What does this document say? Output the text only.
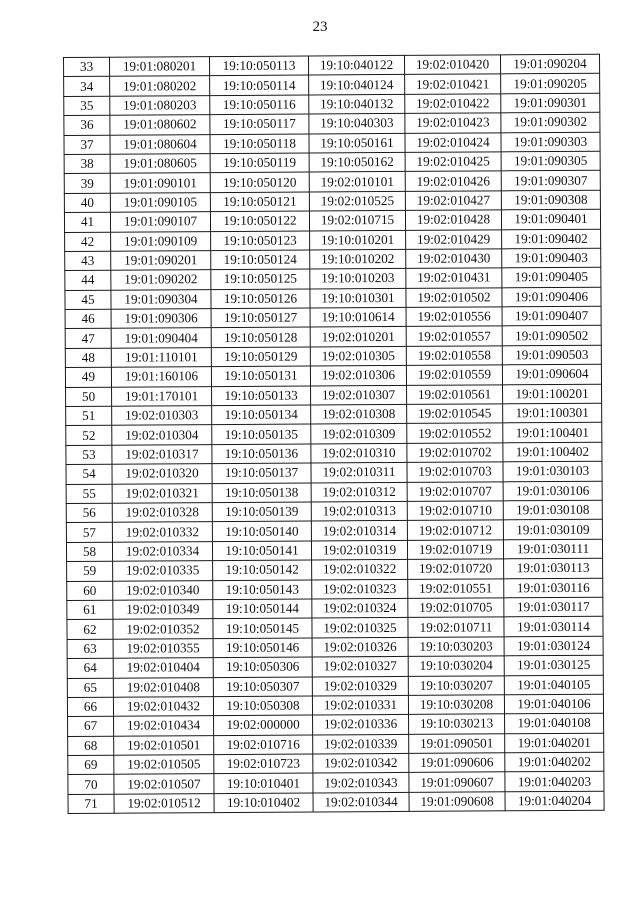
23
33	19:01:080201	19:10:050113	19:10:040122	19:02:010420	19:01:090204
34	19:01:080202	19:10:050114	19:10:040124	19:02:010421	19:01:090205
35	19:01:080203	19:10:050116	19:10:040132	19:02:010422	19:01:090301
36	19:01:080602	19:10:050117	19:10:040303	19:02:010423	19:01:090302
37	19:01:080604	19:10:050118	19:10:050161	19:02:010424	19:01:090303
38	19:01:080605	19:10:050119	19:10:050162	19:02:010425	19:01:090305
39	19:01:090101	19:10:050120	19:02:010101	19:02:010426	19:01:090307
40	19:01:090105	19:10:050121	19:02:010525	19:02:010427	19:01:090308
41	19:01:090107	19:10:050122	19:02:010715	19:02:010428	19:01:090401
42	19:01:090109	19:10:050123	19:10:010201	19:02:010429	19:01:090402
43	19:01:090201	19:10:050124	19:10:010202	19:02:010430	19:01:090403
44	19:01:090202	19:10:050125	19:10:010203	19:02:010431	19:01:090405
45	19:01:090304	19:10:050126	19:10:010301	19:02:010502	19:01:090406
46	19:01:090306	19:10:050127	19:10:010614	19:02:010556	19:01:090407
47	19:01:090404	19:10:050128	19:02:010201	19:02:010557	19:01:090502
48	19:01:110101	19:10:050129	19:02:010305	19:02:010558	19:01:090503
49	19:01:160106	19:10:050131	19:02:010306	19:02:010559	19:01:090604
50	19:01:170101	19:10:050133	19:02:010307	19:02:010561	19:01:100201
51	19:02:010303	19:10:050134	19:02:010308	19:02:010545	19:01:100301
52	19:02:010304	19:10:050135	19:02:010309	19:02:010552	19:01:100401
53	19:02:010317	19:10:050136	19:02:010310	19:02:010702	19:01:100402
54	19:02:010320	19:10:050137	19:02:010311	19:02:010703	19:01:030103
55	19:02:010321	19:10:050138	19:02:010312	19:02:010707	19:01:030106
56	19:02:010328	19:10:050139	19:02:010313	19:02:010710	19:01:030108
57	19:02:010332	19:10:050140	19:02:010314	19:02:010712	19:01:030109
58	19:02:010334	19:10:050141	19:02:010319	19:02:010719	19:01:030111
59	19:02:010335	19:10:050142	19:02:010322	19:02:010720	19:01:030113
60	19:02:010340	19:10:050143	19:02:010323	19:02:010551	19:01:030116
61	19:02:010349	19:10:050144	19:02:010324	19:02:010705	19:01:030117
62	19:02:010352	19:10:050145	19:02:010325	19:02:010711	19:01:030114
63	19:02:010355	19:10:050146	19:02:010326	19:10:030203	19:01:030124
64	19:02:010404	19:10:050306	19:02:010327	19:10:030204	19:01:030125
65	19:02:010408	19:10:050307	19:02:010329	19:10:030207	19:01:040105
66	19:02:010432	19:10:050308	19:02:010331	19:10:030208	19:01:040106
67	19:02:010434	19:02:000000	19:02:010336	19:10:030213	19:01:040108
68	19:02:010501	19:02:010716	19:02:010339	19:01:090501	19:01:040201
69	19:02:010505	19:02:010723	19:02:010342	19:01:090606	19:01:040202
70	19:02:010507	19:10:010401	19:02:010343	19:01:090607	19:01:040203
71	19:02:010512	19:10:010402	19:02:010344	19:01:090608	19:01:040204
